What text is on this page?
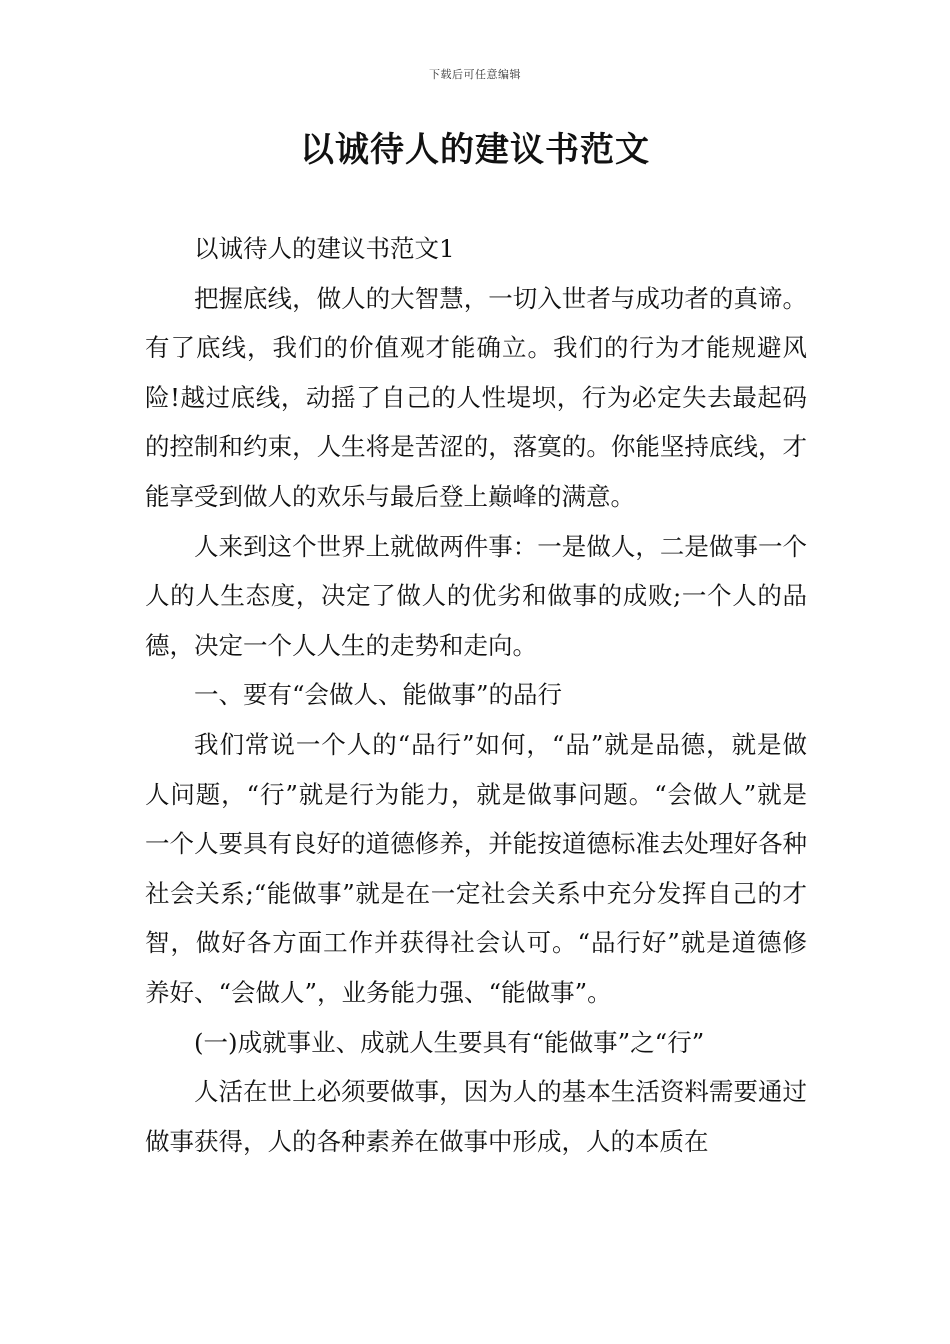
下载后可任意编辑
以诚待人的建议书范文

以诚待人的建议书范文1

把握底线，做人的大智慧，一切入世者与成功者的真谛。有了底线，我们的价值观才能确立。我们的行为才能规避风险!越过底线，动摇了自己的人性堤坝，行为必定失去最起码的控制和约束，人生将是苦涩的，落寞的。你能坚持底线，才能享受到做人的欢乐与最后登上巅峰的满意。

人来到这个世界上就做两件事：一是做人，二是做事一个人的人生态度，决定了做人的优劣和做事的成败;一个人的品德，决定一个人人生的走势和走向。

一、要有“会做人、能做事”的品行

我们常说一个人的“品行”如何，“品”就是品德，就是做人问题，“行”就是行为能力，就是做事问题。“会做人”就是一个人要具有良好的道德修养，并能按道德标准去处理好各种社会关系;“能做事”就是在一定社会关系中充分发挥自己的才智，做好各方面工作并获得社会认可。“品行好”就是道德修养好、“会做人”，业务能力强、“能做事”。

(一)成就事业、成就人生要具有“能做事”之“行”

人活在世上必须要做事，因为人的基本生活资料需要通过做事获得，人的各种素养在做事中形成，人的本质在
